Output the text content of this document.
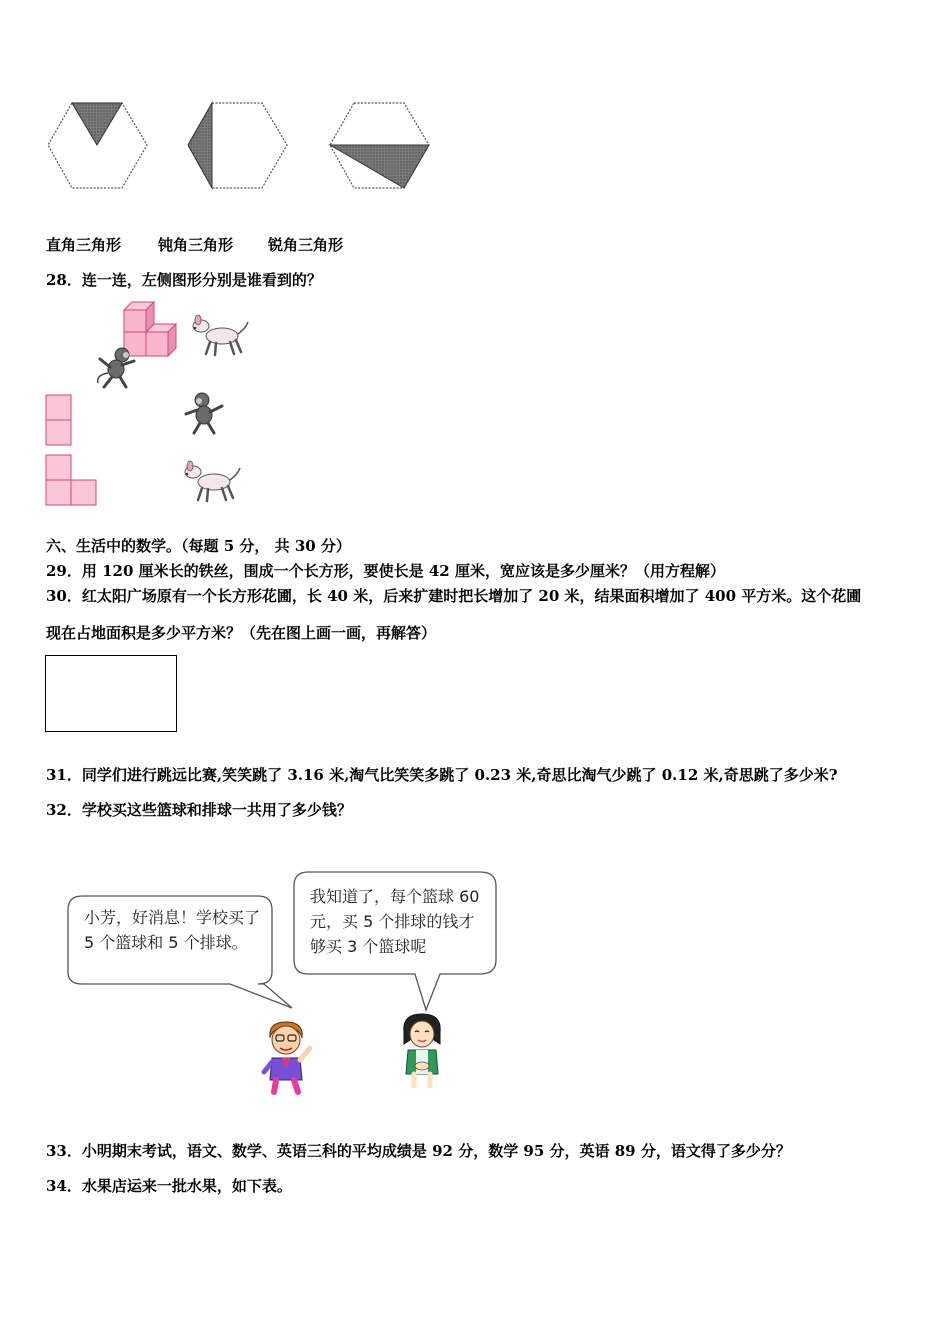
直角三角形 钝角三角形 锐角三角形
28．连一连，左侧图形分别是谁看到的？
六、生活中的数学。（每题 5 分， 共 30 分）
29．用 120 厘米长的铁丝，围成一个长方形，要使长是 42 厘米，宽应该是多少厘米？（用方程解）
30．红太阳广场原有一个长方形花圃，长 40 米，后来扩建时把长增加了 20 米，结果面积增加了 400 平方米。这个花圃
现在占地面积是多少平方米？（先在图上画一画，再解答）
31．同学们进行跳远比赛,笑笑跳了 3.16 米,淘气比笑笑多跳了 0.23 米,奇思比淘气少跳了 0.12 米,奇思跳了多少米?
32．学校买这些篮球和排球一共用了多少钱？
小芳，好消息！学校买了
5 个篮球和 5 个排球。
我知道了，每个篮球 60
元，买 5 个排球的钱才
够买 3 个篮球呢
33．小明期末考试，语文、数学、英语三科的平均成绩是 92 分，数学 95 分，英语 89 分，语文得了多少分？
34．水果店运来一批水果，如下表。
